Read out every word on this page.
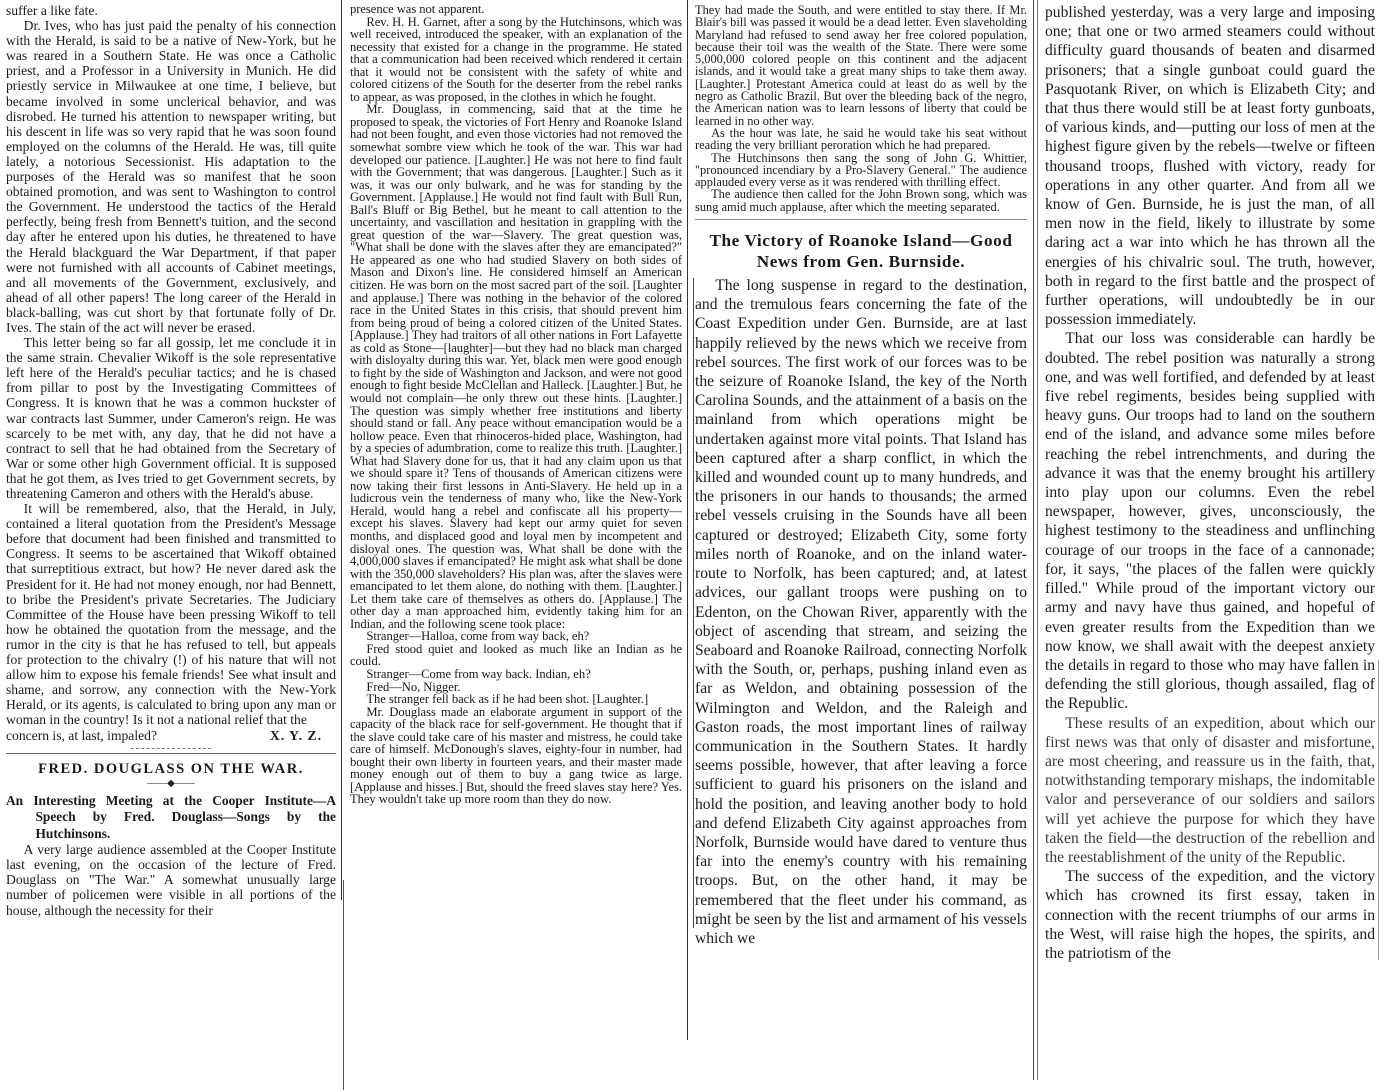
suffer a like fate.

Dr. Ives, who has just paid the penalty of his connection with the Herald, is said to be a native of New-York, but he was reared in a Southern State. He was once a Catholic priest, and a Professor in a University in Munich. He did priestly service in Milwaukee at one time, I believe, but became involved in some unclerical behavior, and was disrobed. He turned his attention to newspaper writing, but his descent in life was so very rapid that he was soon found employed on the columns of the Herald. He was, till quite lately, a notorious Secessionist. His adaptation to the purposes of the Herald was so manifest that he soon obtained promotion, and was sent to Washington to control the Government. He understood the tactics of the Herald perfectly, being fresh from Bennett's tuition, and the second day after he entered upon his duties, he threatened to have the Herald blackguard the War Department, if that paper were not furnished with all accounts of Cabinet meetings, and all movements of the Government, exclusively, and ahead of all other papers! The long career of the Herald in black-balling, was cut short by that fortunate folly of Dr. Ives. The stain of the act will never be erased.

This letter being so far all gossip, let me conclude it in the same strain. Chevalier Wikoff is the sole representative left here of the Herald's peculiar tactics; and he is chased from pillar to post by the Investigating Committees of Congress. It is known that he was a common huckster of war contracts last Summer, under Cameron's reign. He was scarcely to be met with, any day, that he did not have a contract to sell that he had obtained from the Secretary of War or some other high Government official. It is supposed that he got them, as Ives tried to get Government secrets, by threatening Cameron and others with the Herald's abuse.

It will be remembered, also, that the Herald, in July, contained a literal quotation from the President's Message before that document had been finished and transmitted to Congress. It seems to be ascertained that Wikoff obtained that surreptitious extract, but how? He never dared ask the President for it. He had not money enough, nor had Bennett, to bribe the President's private Secretaries. The Judiciary Committee of the House have been pressing Wikoff to tell how he obtained the quotation from the message, and the rumor in the city is that he has refused to tell, but appeals for protection to the chivalry (!) of his nature that will not allow him to expose his female friends! See what insult and shame, and sorrow, any connection with the New-York Herald, or its agents, is calculated to bring upon any man or woman in the country! Is it not a national relief that the

concern is, at last, impaled?	X. Y. Z.
FRED. DOUGLASS ON THE WAR.
——◆——

An Interesting Meeting at the Cooper Institute—A Speech by Fred. Douglass—Songs by the Hutchinsons.

A very large audience assembled at the Cooper Institute last evening, on the occasion of the lecture of Fred. Douglass on "The War." A somewhat unusually large number of policemen were visible in all portions of the house, although the necessity for their

presence was not apparent.

Rev. H. H. Garnet, after a song by the Hutchinsons, which was well received, introduced the speaker, with an explanation of the necessity that existed for a change in the programme. He stated that a communication had been received which rendered it certain that it would not be consistent with the safety of white and colored citizens of the South for the deserter from the rebel ranks to appear, as was proposed, in the clothes in which he fought.

Mr. Douglass, in commencing, said that at the time he proposed to speak, the victories of Fort Henry and Roanoke Island had not been fought, and even those victories had not removed the somewhat sombre view which he took of the war. This war had developed our patience. [Laughter.] He was not here to find fault with the Government; that was dangerous. [Laughter.] Such as it was, it was our only bulwark, and he was for standing by the Government. [Applause.] He would not find fault with Bull Run, Ball's Bluff or Big Bethel, but he meant to call attention to the uncertainty, and vascillation and hesitation in grappling with the great question of the war—Slavery. The great question was, "What shall be done with the slaves after they are emancipated?" He appeared as one who had studied Slavery on both sides of Mason and Dixon's line. He considered himself an American citizen. He was born on the most sacred part of the soil. [Laughter and applause.] There was nothing in the behavior of the colored race in the United States in this crisis, that should prevent him from being proud of being a colored citizen of the United States. [Applause.] They had traitors of all other nations in Fort Lafayette as cold as Stone—[laughter]—but they had no black man charged with disloyalty during this war. Yet, black men were good enough to fight by the side of Washington and Jackson, and were not good enough to fight beside McClellan and Halleck. [Laughter.] But, he would not complain—he only threw out these hints. [Laughter.] The question was simply whether free institutions and liberty should stand or fall. Any peace without emancipation would be a hollow peace. Even that rhinoceros-hided place, Washington, had by a species of adumbration, come to realize this truth. [Laughter.] What had Slavery done for us, that it had any claim upon us that we should spare it? Tens of thousands of American citizens were now taking their first lessons in Anti-Slavery. He held up in a ludicrous vein the tenderness of many who, like the New-York Herald, would hang a rebel and confiscate all his property—except his slaves. Slavery had kept our army quiet for seven months, and displaced good and loyal men by incompetent and disloyal ones. The question was, What shall be done with the 4,000,000 slaves if emancipated? He might ask what shall be done with the 350,000 slaveholders? His plan was, after the slaves were emancipated to let them alone, do nothing with them. [Laughter.] Let them take care of themselves as others do. [Applause.] The other day a man approached him, evidently taking him for an Indian, and the following scene took place:

Stranger—Halloa, come from way back, eh?

Fred stood quiet and looked as much like an Indian as he could.

Stranger—Come from way back. Indian, eh?

Fred—No, Nigger.

The stranger fell back as if he had been shot. [Laughter.]

Mr. Douglass made an elaborate argument in support of the capacity of the black race for self-government. He thought that if the slave could take care of his master and mistress, he could take care of himself. McDonough's slaves, eighty-four in number, had bought their own liberty in fourteen years, and their master made money enough out of them to buy a gang twice as large. [Applause and hisses.] But, should the freed slaves stay here? Yes. They wouldn't take up more room than they do now.

They had made the South, and were entitled to stay there. If Mr. Blair's bill was passed it would be a dead letter. Even slaveholding Maryland had refused to send away her free colored population, because their toil was the wealth of the State. There were some 5,000,000 colored people on this continent and the adjacent islands, and it would take a great many ships to take them away. [Laughter.] Protestant America could at least do as well by the negro as Catholic Brazil. But over the bleeding back of the negro, the American nation was to learn lessons of liberty that could be learned in no other way.

As the hour was late, he said he would take his seat without reading the very brilliant peroration which he had prepared.

The Hutchinsons then sang the song of John G. Whittier, "pronounced incendiary by a Pro-Slavery General." The audience applauded every verse as it was rendered with thrilling effect.

The audience then called for the John Brown song, which was sung amid much applause, after which the meeting separated.

The Victory of Roanoke Island—Good News from Gen. Burnside.

The long suspense in regard to the destination, and the tremulous fears concerning the fate of the Coast Expedition under Gen. Burnside, are at last happily relieved by the news which we receive from rebel sources. The first work of our forces was to be the seizure of Roanoke Island, the key of the North Carolina Sounds, and the attainment of a basis on the mainland from which operations might be undertaken against more vital points. That Island has been captured after a sharp conflict, in which the killed and wounded count up to many hundreds, and the prisoners in our hands to thousands; the armed rebel vessels cruising in the Sounds have all been captured or destroyed; Elizabeth City, some forty miles north of Roanoke, and on the inland water-route to Norfolk, has been captured; and, at latest advices, our gallant troops were pushing on to Edenton, on the Chowan River, apparently with the object of ascending that stream, and seizing the Seaboard and Roanoke Railroad, connecting Norfolk with the South, or, perhaps, pushing inland even as far as Weldon, and obtaining possession of the Wilmington and Weldon, and the Raleigh and Gaston roads, the most important lines of railway communication in the Southern States. It hardly seems possible, however, that after leaving a force sufficient to guard his prisoners on the island and hold the position, and leaving another body to hold and defend Elizabeth City against approaches from Norfolk, Burnside would have dared to venture thus far into the enemy's country with his remaining troops. But, on the other hand, it may be remembered that the fleet under his command, as might be seen by the list and armament of his vessels which we

published yesterday, was a very large and imposing one; that one or two armed steamers could without difficulty guard thousands of beaten and disarmed prisoners; that a single gunboat could guard the Pasquotank River, on which is Elizabeth City; and that thus there would still be at least forty gunboats, of various kinds, and—putting our loss of men at the highest figure given by the rebels—twelve or fifteen thousand troops, flushed with victory, ready for operations in any other quarter. And from all we know of Gen. Burnside, he is just the man, of all men now in the field, likely to illustrate by some daring act a war into which he has thrown all the energies of his chivalric soul. The truth, however, both in regard to the first battle and the prospect of further operations, will undoubtedly be in our possession immediately.

That our loss was considerable can hardly be doubted. The rebel position was naturally a strong one, and was well fortified, and defended by at least five rebel regiments, besides being supplied with heavy guns. Our troops had to land on the southern end of the island, and advance some miles before reaching the rebel intrenchments, and during the advance it was that the enemy brought his artillery into play upon our columns. Even the rebel newspaper, however, gives, unconsciously, the highest testimony to the steadiness and unflinching courage of our troops in the face of a cannonade; for, it says, "the places of the fallen were quickly filled." While proud of the important victory our army and navy have thus gained, and hopeful of even greater results from the Expedition than we now know, we shall await with the deepest anxiety the details in regard to those who may have fallen in defending the still glorious, though assailed, flag of the Republic.

These results of an expedition, about which our first news was that only of disaster and misfortune, are most cheering, and reassure us in the faith, that, notwithstanding temporary mishaps, the indomitable valor and perseverance of our soldiers and sailors will yet achieve the purpose for which they have taken the field—the destruction of the rebellion and the reestablishment of the unity of the Republic.

The success of the expedition, and the victory which has crowned its first essay, taken in connection with the recent triumphs of our arms in the West, will raise high the hopes, the spirits, and the patriotism of the
